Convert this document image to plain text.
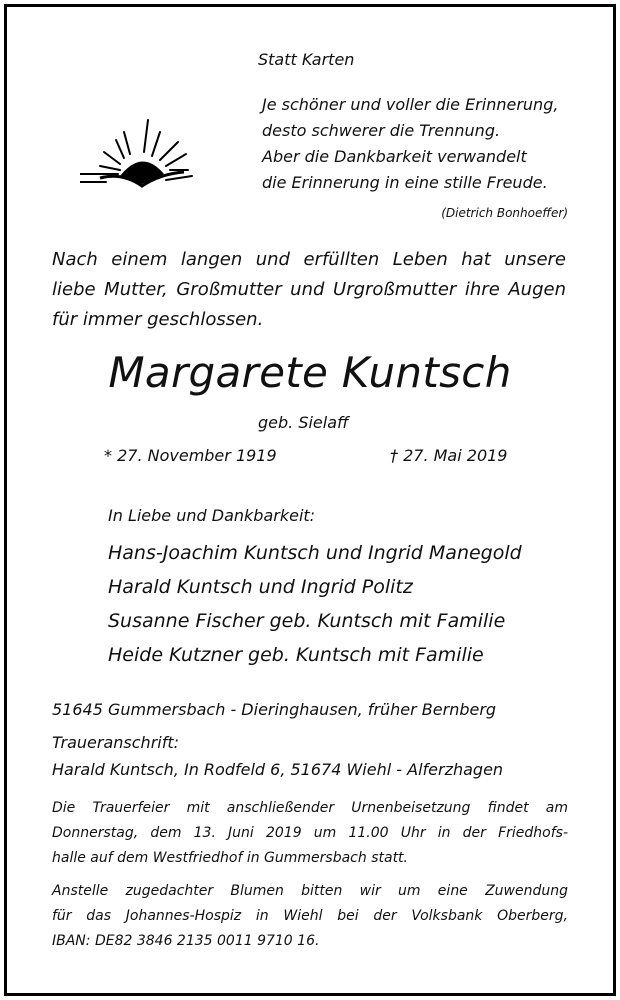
Statt Karten
Je schöner und voller die Erinnerung,
desto schwerer die Trennung.
Aber die Dankbarkeit verwandelt
die Erinnerung in eine stille Freude.
(Dietrich Bonhoeffer)
Nach einem langen und erfüllten Leben hat unsere
liebe Mutter, Großmutter und Urgroßmutter ihre Augen
für immer geschlossen.
Margarete Kuntsch
geb. Sielaff
* 27. November 1919	† 27. Mai 2019
In Liebe und Dankbarkeit:
Hans-Joachim Kuntsch und Ingrid Manegold
Harald Kuntsch und Ingrid Politz
Susanne Fischer geb. Kuntsch mit Familie
Heide Kutzner geb. Kuntsch mit Familie
51645 Gummersbach - Dieringhausen, früher Bernberg
Traueranschrift:
Harald Kuntsch, In Rodfeld 6, 51674 Wiehl - Alferzhagen
Die Trauerfeier mit anschließender Urnenbeisetzung findet am
Donnerstag, dem 13. Juni 2019 um 11.00 Uhr in der Friedhofs-
halle auf dem Westfriedhof in Gummersbach statt.
Anstelle zugedachter Blumen bitten wir um eine Zuwendung
für das Johannes-Hospiz in Wiehl bei der Volksbank Oberberg,
IBAN: DE82 3846 2135 0011 9710 16.
